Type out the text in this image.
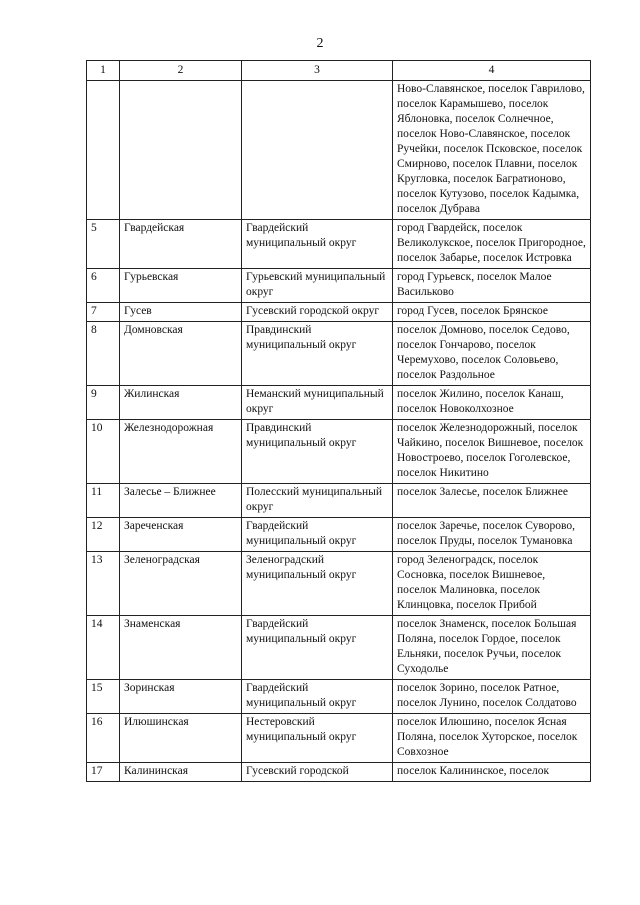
2
1	2	3	4
			Ново-Славянское, поселок Гаврилово, поселок Карамышево, поселок Яблоновка, поселок Солнечное, поселок Ново-Славянское, поселок Ручейки, поселок Псковское, поселок Смирново, поселок Плавни, поселок Кругловка, поселок Багратионово, поселок Кутузово, поселок Кадымка, поселок Дубрава
5	Гвардейская	Гвардейский муниципальный округ	город Гвардейск, поселок Великолукское, поселок Пригородное, поселок Забарье, поселок Истровка
6	Гурьевская	Гурьевский муниципальный округ	город Гурьевск, поселок Малое Васильково
7	Гусев	Гусевский городской округ	город Гусев, поселок Брянское
8	Домновская	Правдинский муниципальный округ	поселок Домново, поселок Седово, поселок Гончарово, поселок Черемухово, поселок Соловьево, поселок Раздольное
9	Жилинская	Неманский муниципальный округ	поселок Жилино, поселок Канаш, поселок Новоколхозное
10	Железнодорожная	Правдинский муниципальный округ	поселок Железнодорожный, поселок Чайкино, поселок Вишневое, поселок Новостроево, поселок Гоголевское, поселок Никитино
11	Залесье – Ближнее	Полесский муниципальный округ	поселок Залесье, поселок Ближнее
12	Зареченская	Гвардейский муниципальный округ	поселок Заречье, поселок Суворово, поселок Пруды, поселок Тумановка
13	Зеленоградская	Зеленоградский муниципальный округ	город Зеленоградск, поселок Сосновка, поселок Вишневое, поселок Малиновка, поселок Клинцовка, поселок Прибой
14	Знаменская	Гвардейский муниципальный округ	поселок Знаменск, поселок Большая Поляна, поселок Гордое, поселок Ельняки, поселок Ручьи, поселок Суходолье
15	Зоринская	Гвардейский муниципальный округ	поселок Зорино, поселок Ратное, поселок Лунино, поселок Солдатово
16	Илюшинская	Нестеровский муниципальный округ	поселок Илюшино, поселок Ясная Поляна, поселок Хуторское, поселок Совхозное
17	Калининская	Гусевский городской	поселок Калининское, поселок
